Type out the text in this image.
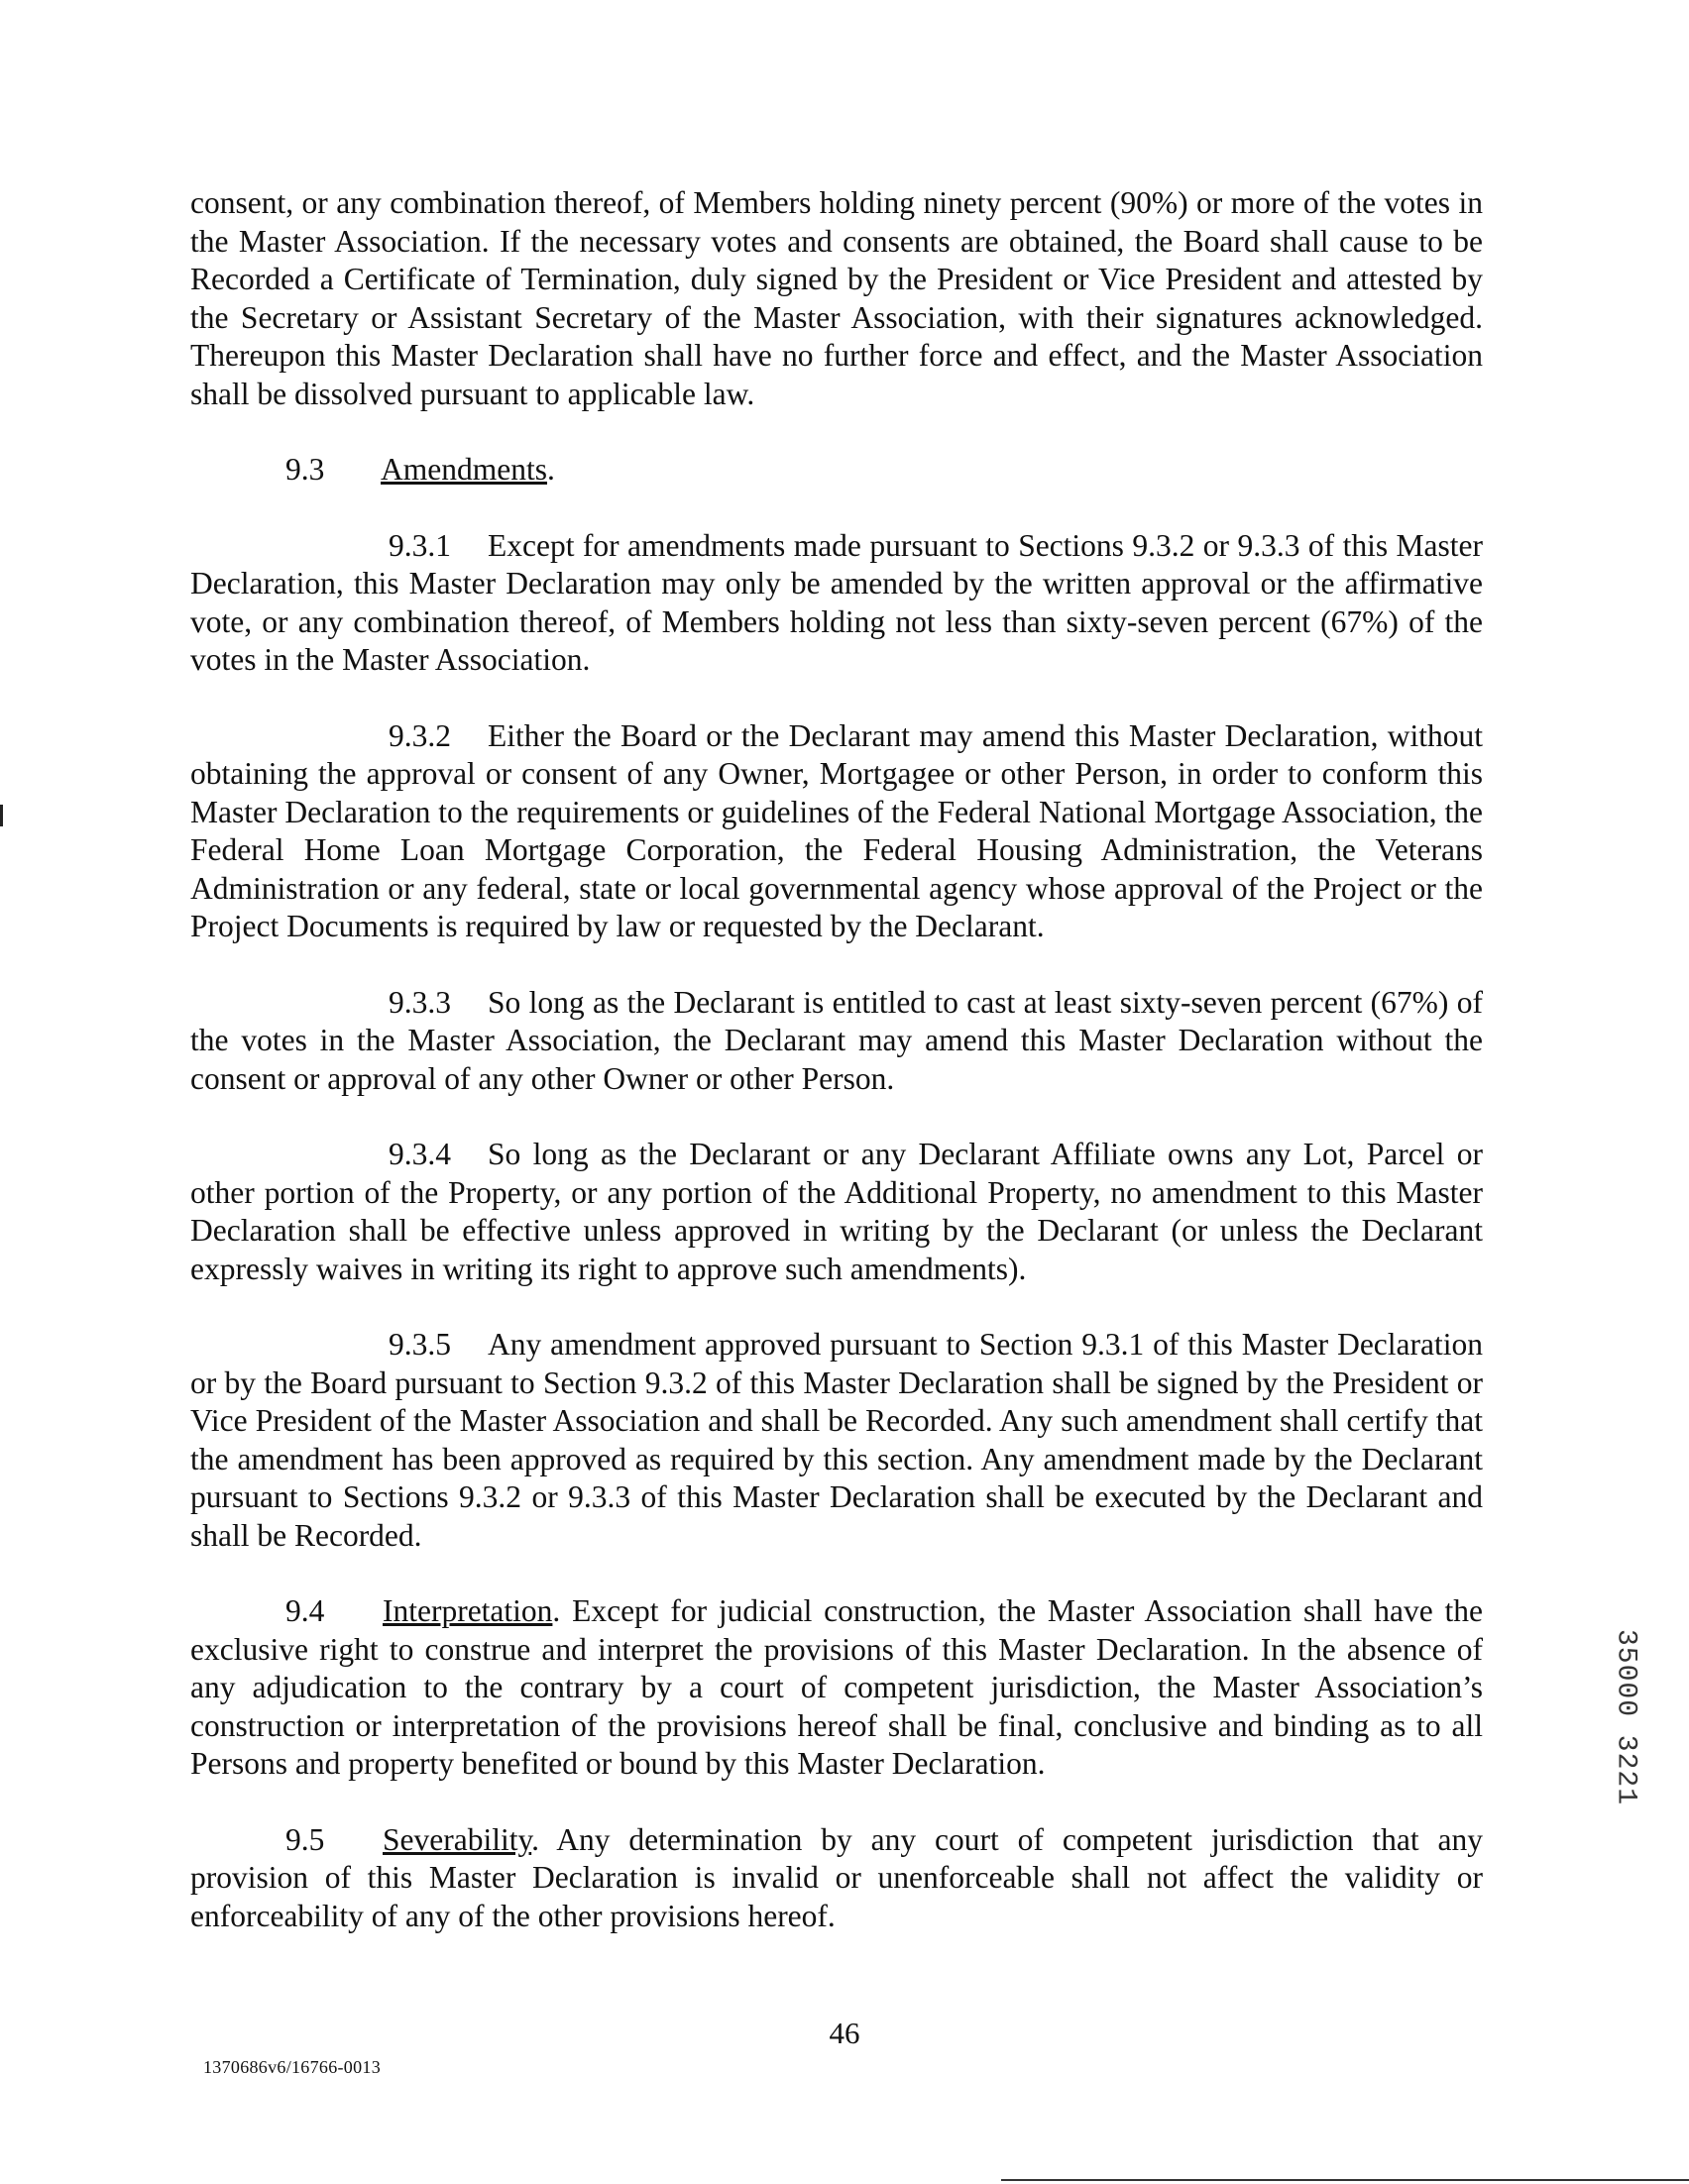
consent, or any combination thereof, of Members holding ninety percent (90%) or more of the votes in the Master Association. If the necessary votes and consents are obtained, the Board shall cause to be Recorded a Certificate of Termination, duly signed by the President or Vice President and attested by the Secretary or Assistant Secretary of the Master Association, with their signatures acknowledged. Thereupon this Master Declaration shall have no further force and effect, and the Master Association shall be dissolved pursuant to applicable law.

9.3 Amendments.

9.3.1 Except for amendments made pursuant to Sections 9.3.2 or 9.3.3 of this Master Declaration, this Master Declaration may only be amended by the written approval or the affirmative vote, or any combination thereof, of Members holding not less than sixty-seven percent (67%) of the votes in the Master Association.

9.3.2 Either the Board or the Declarant may amend this Master Declaration, without obtaining the approval or consent of any Owner, Mortgagee or other Person, in order to conform this Master Declaration to the requirements or guidelines of the Federal National Mortgage Association, the Federal Home Loan Mortgage Corporation, the Federal Housing Administration, the Veterans Administration or any federal, state or local governmental agency whose approval of the Project or the Project Documents is required by law or requested by the Declarant.

9.3.3 So long as the Declarant is entitled to cast at least sixty-seven percent (67%) of the votes in the Master Association, the Declarant may amend this Master Declaration without the consent or approval of any other Owner or other Person.

9.3.4 So long as the Declarant or any Declarant Affiliate owns any Lot, Parcel or other portion of the Property, or any portion of the Additional Property, no amendment to this Master Declaration shall be effective unless approved in writing by the Declarant (or unless the Declarant expressly waives in writing its right to approve such amendments).

9.3.5 Any amendment approved pursuant to Section 9.3.1 of this Master Declaration or by the Board pursuant to Section 9.3.2 of this Master Declaration shall be signed by the President or Vice President of the Master Association and shall be Recorded. Any such amendment shall certify that the amendment has been approved as required by this section. Any amendment made by the Declarant pursuant to Sections 9.3.2 or 9.3.3 of this Master Declaration shall be executed by the Declarant and shall be Recorded.

9.4 Interpretation. Except for judicial construction, the Master Association shall have the exclusive right to construe and interpret the provisions of this Master Declaration. In the absence of any adjudication to the contrary by a court of competent jurisdiction, the Master Association’s construction or interpretation of the provisions hereof shall be final, conclusive and binding as to all Persons and property benefited or bound by this Master Declaration.

9.5 Severability. Any determination by any court of competent jurisdiction that any provision of this Master Declaration is invalid or unenforceable shall not affect the validity or enforceability of any of the other provisions hereof.

35000 3221
46
1370686v6/16766-0013
